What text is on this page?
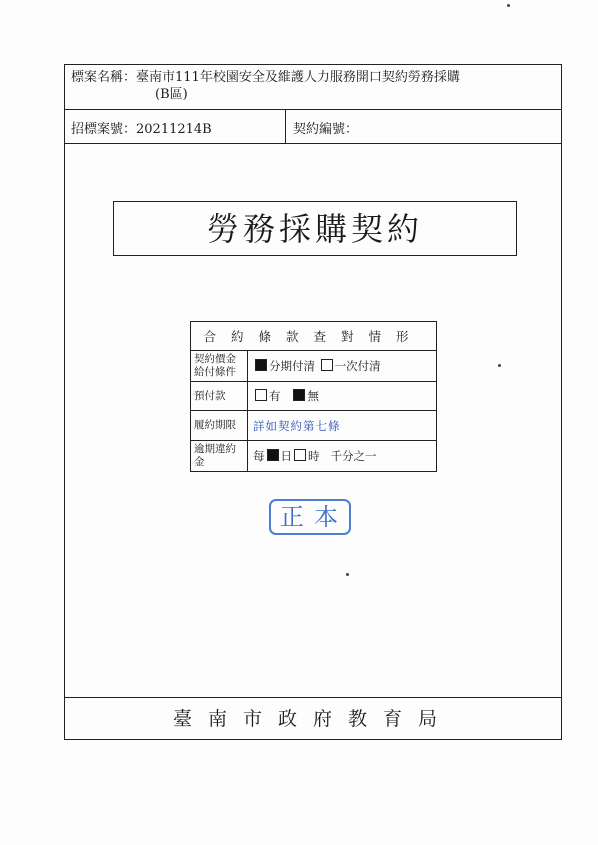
標案名稱：臺南市111年校園安全及維護人力服務開口契約勞務採購
(B區)
招標案號：20211214B	契約編號：
勞務採購契約
合約條款查對情形	
契約價金給付條件	分期付清 一次付清
預付款	有 無
履約期限	詳如契約第七條
逾期違約金	每 日 時 千分之一
正本
臺南市政府教育局
